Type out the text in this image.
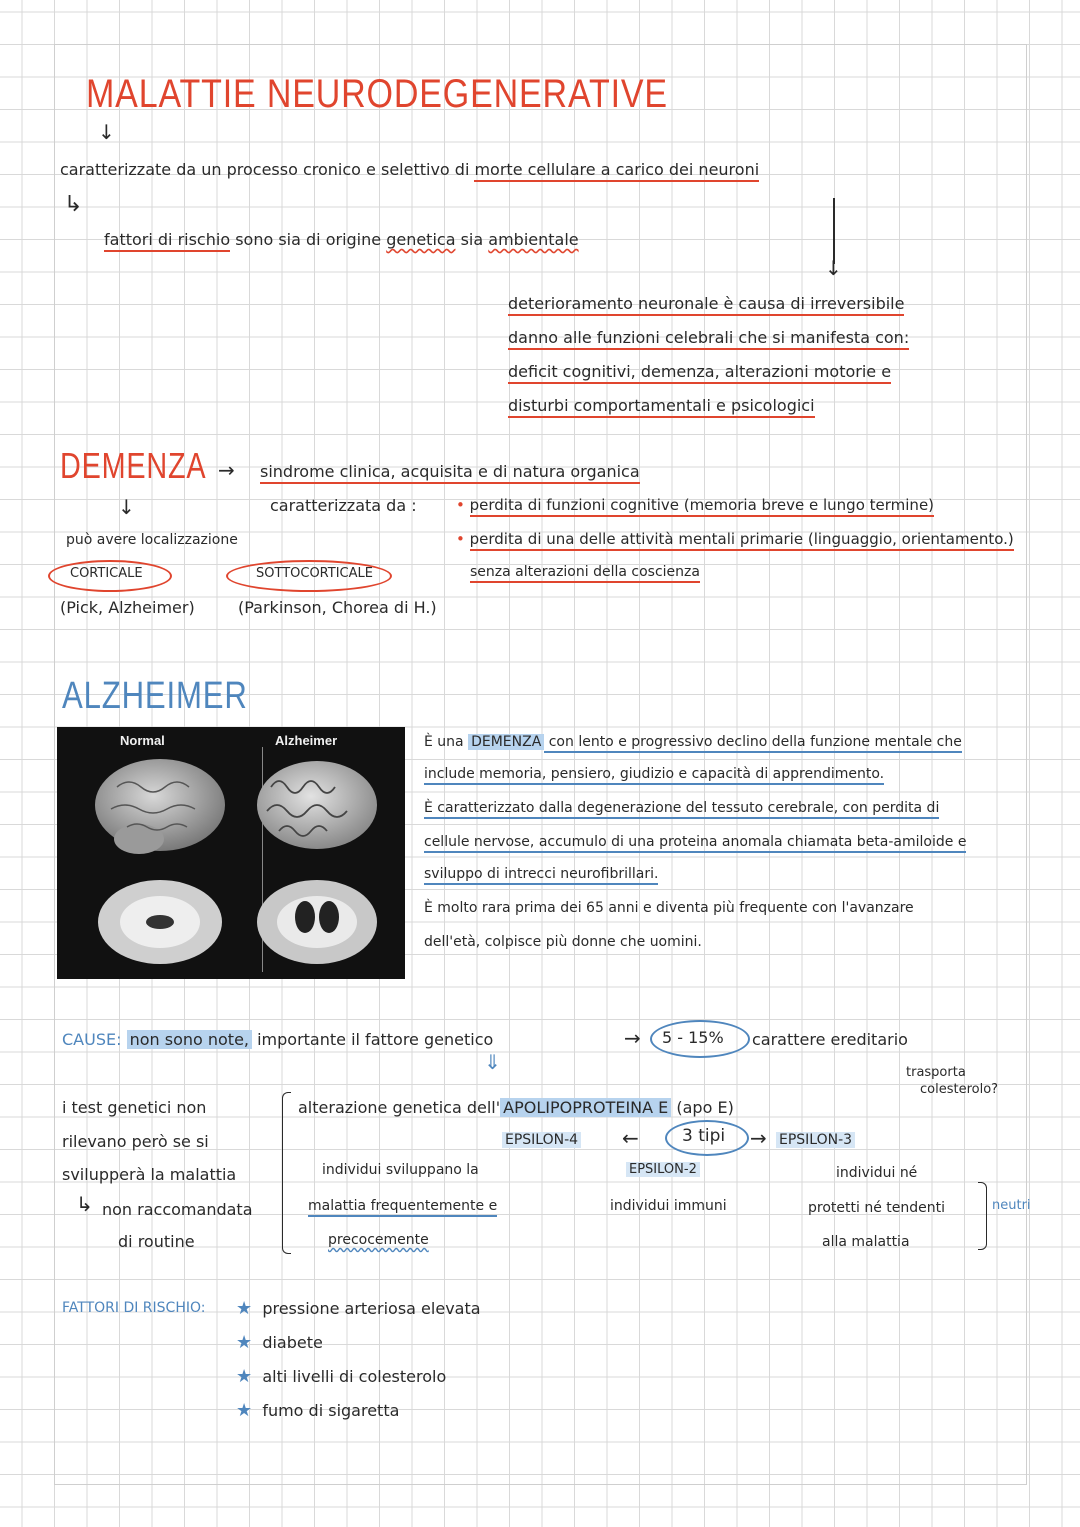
MALATTIE NEURODEGENERATIVE
↓
caratterizzate da un processo cronico e selettivo di morte cellulare a carico dei neuroni
↳
fattori di rischio sono sia di origine genetica sia ambientale
↓
deterioramento neuronale è causa di irreversibile
danno alle funzioni celebrali che si manifesta con:
deficit cognitivi, demenza, alterazioni motorie e
disturbi comportamentali e psicologici
DEMENZA → sindrome clinica, acquisita e di natura organica
caratterizzata da :	• perdita di funzioni cognitive (memoria breve e lungo termine)
• perdita di una delle attività mentali primarie (linguaggio, orientamento.)
senza alterazioni della coscienza
↓
può avere localizzazione
CORTICALE	SOTTOCORTICALE
(Pick, Alzheimer)	(Parkinson, Chorea di H.)
ALZHEIMER
Normal	Alzheimer	È una DEMENZA con lento e progressivo declino della funzione mentale che
include memoria, pensiero, giudizio e capacità di apprendimento.
È caratterizzato dalla degenerazione del tessuto cerebrale, con perdita di
cellule nervose, accumulo di una proteina anomala chiamata beta-amiloide e
sviluppo di intrecci neurofibrillari.
È molto rara prima dei 65 anni e diventa più frequente con l'avanzare
dell'età, colpisce più donne che uomini.
CAUSE: non sono note, importante il fattore genetico	→ 5 - 15% carattere ereditario
⇓	trasporta
colesterolo?
alterazione genetica dell' APOLIPOPROTEINA E (apo E)
EPSILON-4 ←	3 tipi → EPSILON-3
EPSILON-2
individui sviluppano la
malattia frequentemente e
precocemente
individui immuni
individui né
protetti né tendenti
alla malattia
neutri
i test genetici non
rilevano però se si
svilupperà la malattia
↳ non raccomandata
di routine
FATTORI DI RISCHIO: ★ pressione arteriosa elevata
★ diabete
★ alti livelli di colesterolo
★ fumo di sigaretta
